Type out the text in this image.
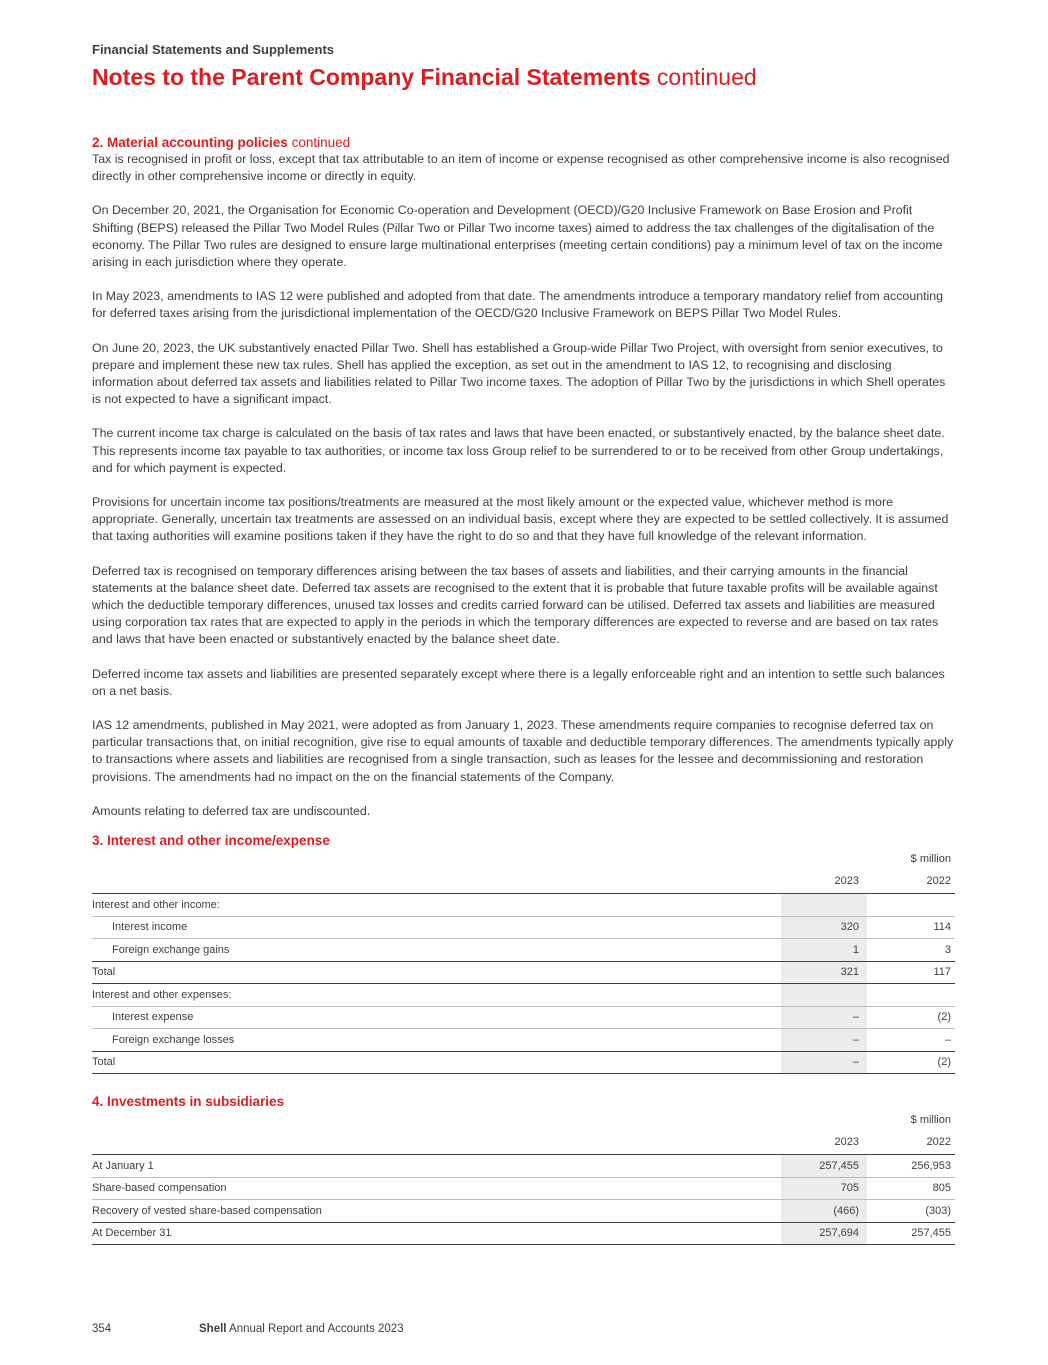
Financial Statements and Supplements
Notes to the Parent Company Financial Statements continued
2. Material accounting policies continued

Tax is recognised in profit or loss, except that tax attributable to an item of income or expense recognised as other comprehensive income is also recognised directly in other comprehensive income or directly in equity.

On December 20, 2021, the Organisation for Economic Co-operation and Development (OECD)/G20 Inclusive Framework on Base Erosion and Profit Shifting (BEPS) released the Pillar Two Model Rules (Pillar Two or Pillar Two income taxes) aimed to address the tax challenges of the digitalisation of the economy. The Pillar Two rules are designed to ensure large multinational enterprises (meeting certain conditions) pay a minimum level of tax on the income arising in each jurisdiction where they operate.

In May 2023, amendments to IAS 12 were published and adopted from that date. The amendments introduce a temporary mandatory relief from accounting for deferred taxes arising from the jurisdictional implementation of the OECD/G20 Inclusive Framework on BEPS Pillar Two Model Rules.

On June 20, 2023, the UK substantively enacted Pillar Two. Shell has established a Group-wide Pillar Two Project, with oversight from senior executives, to prepare and implement these new tax rules. Shell has applied the exception, as set out in the amendment to IAS 12, to recognising and disclosing information about deferred tax assets and liabilities related to Pillar Two income taxes. The adoption of Pillar Two by the jurisdictions in which Shell operates is not expected to have a significant impact.

The current income tax charge is calculated on the basis of tax rates and laws that have been enacted, or substantively enacted, by the balance sheet date. This represents income tax payable to tax authorities, or income tax loss Group relief to be surrendered to or to be received from other Group undertakings, and for which payment is expected.

Provisions for uncertain income tax positions/treatments are measured at the most likely amount or the expected value, whichever method is more appropriate. Generally, uncertain tax treatments are assessed on an individual basis, except where they are expected to be settled collectively. It is assumed that taxing authorities will examine positions taken if they have the right to do so and that they have full knowledge of the relevant information.

Deferred tax is recognised on temporary differences arising between the tax bases of assets and liabilities, and their carrying amounts in the financial statements at the balance sheet date. Deferred tax assets are recognised to the extent that it is probable that future taxable profits will be available against which the deductible temporary differences, unused tax losses and credits carried forward can be utilised. Deferred tax assets and liabilities are measured using corporation tax rates that are expected to apply in the periods in which the temporary differences are expected to reverse and are based on tax rates and laws that have been enacted or substantively enacted by the balance sheet date.

Deferred income tax assets and liabilities are presented separately except where there is a legally enforceable right and an intention to settle such balances on a net basis.

IAS 12 amendments, published in May 2021, were adopted as from January 1, 2023. These amendments require companies to recognise deferred tax on particular transactions that, on initial recognition, give rise to equal amounts of taxable and deductible temporary differences. The amendments typically apply to transactions where assets and liabilities are recognised from a single transaction, such as leases for the lessee and decommissioning and restoration provisions. The amendments had no impact on the on the financial statements of the Company.

Amounts relating to deferred tax are undiscounted.

3. Interest and other income/expense
		$ million
	2023	2022
Interest and other income:		
Interest income	320	114
Foreign exchange gains	1	3
Total	321	117
Interest and other expenses:		
Interest expense	–	(2)
Foreign exchange losses	–	–
Total	–	(2)
4. Investments in subsidiaries
		$ million
	2023	2022
At January 1	257,455	256,953
Share-based compensation	705	805
Recovery of vested share-based compensation	(466)	(303)
At December 31	257,694	257,455
354	Shell Annual Report and Accounts 2023
